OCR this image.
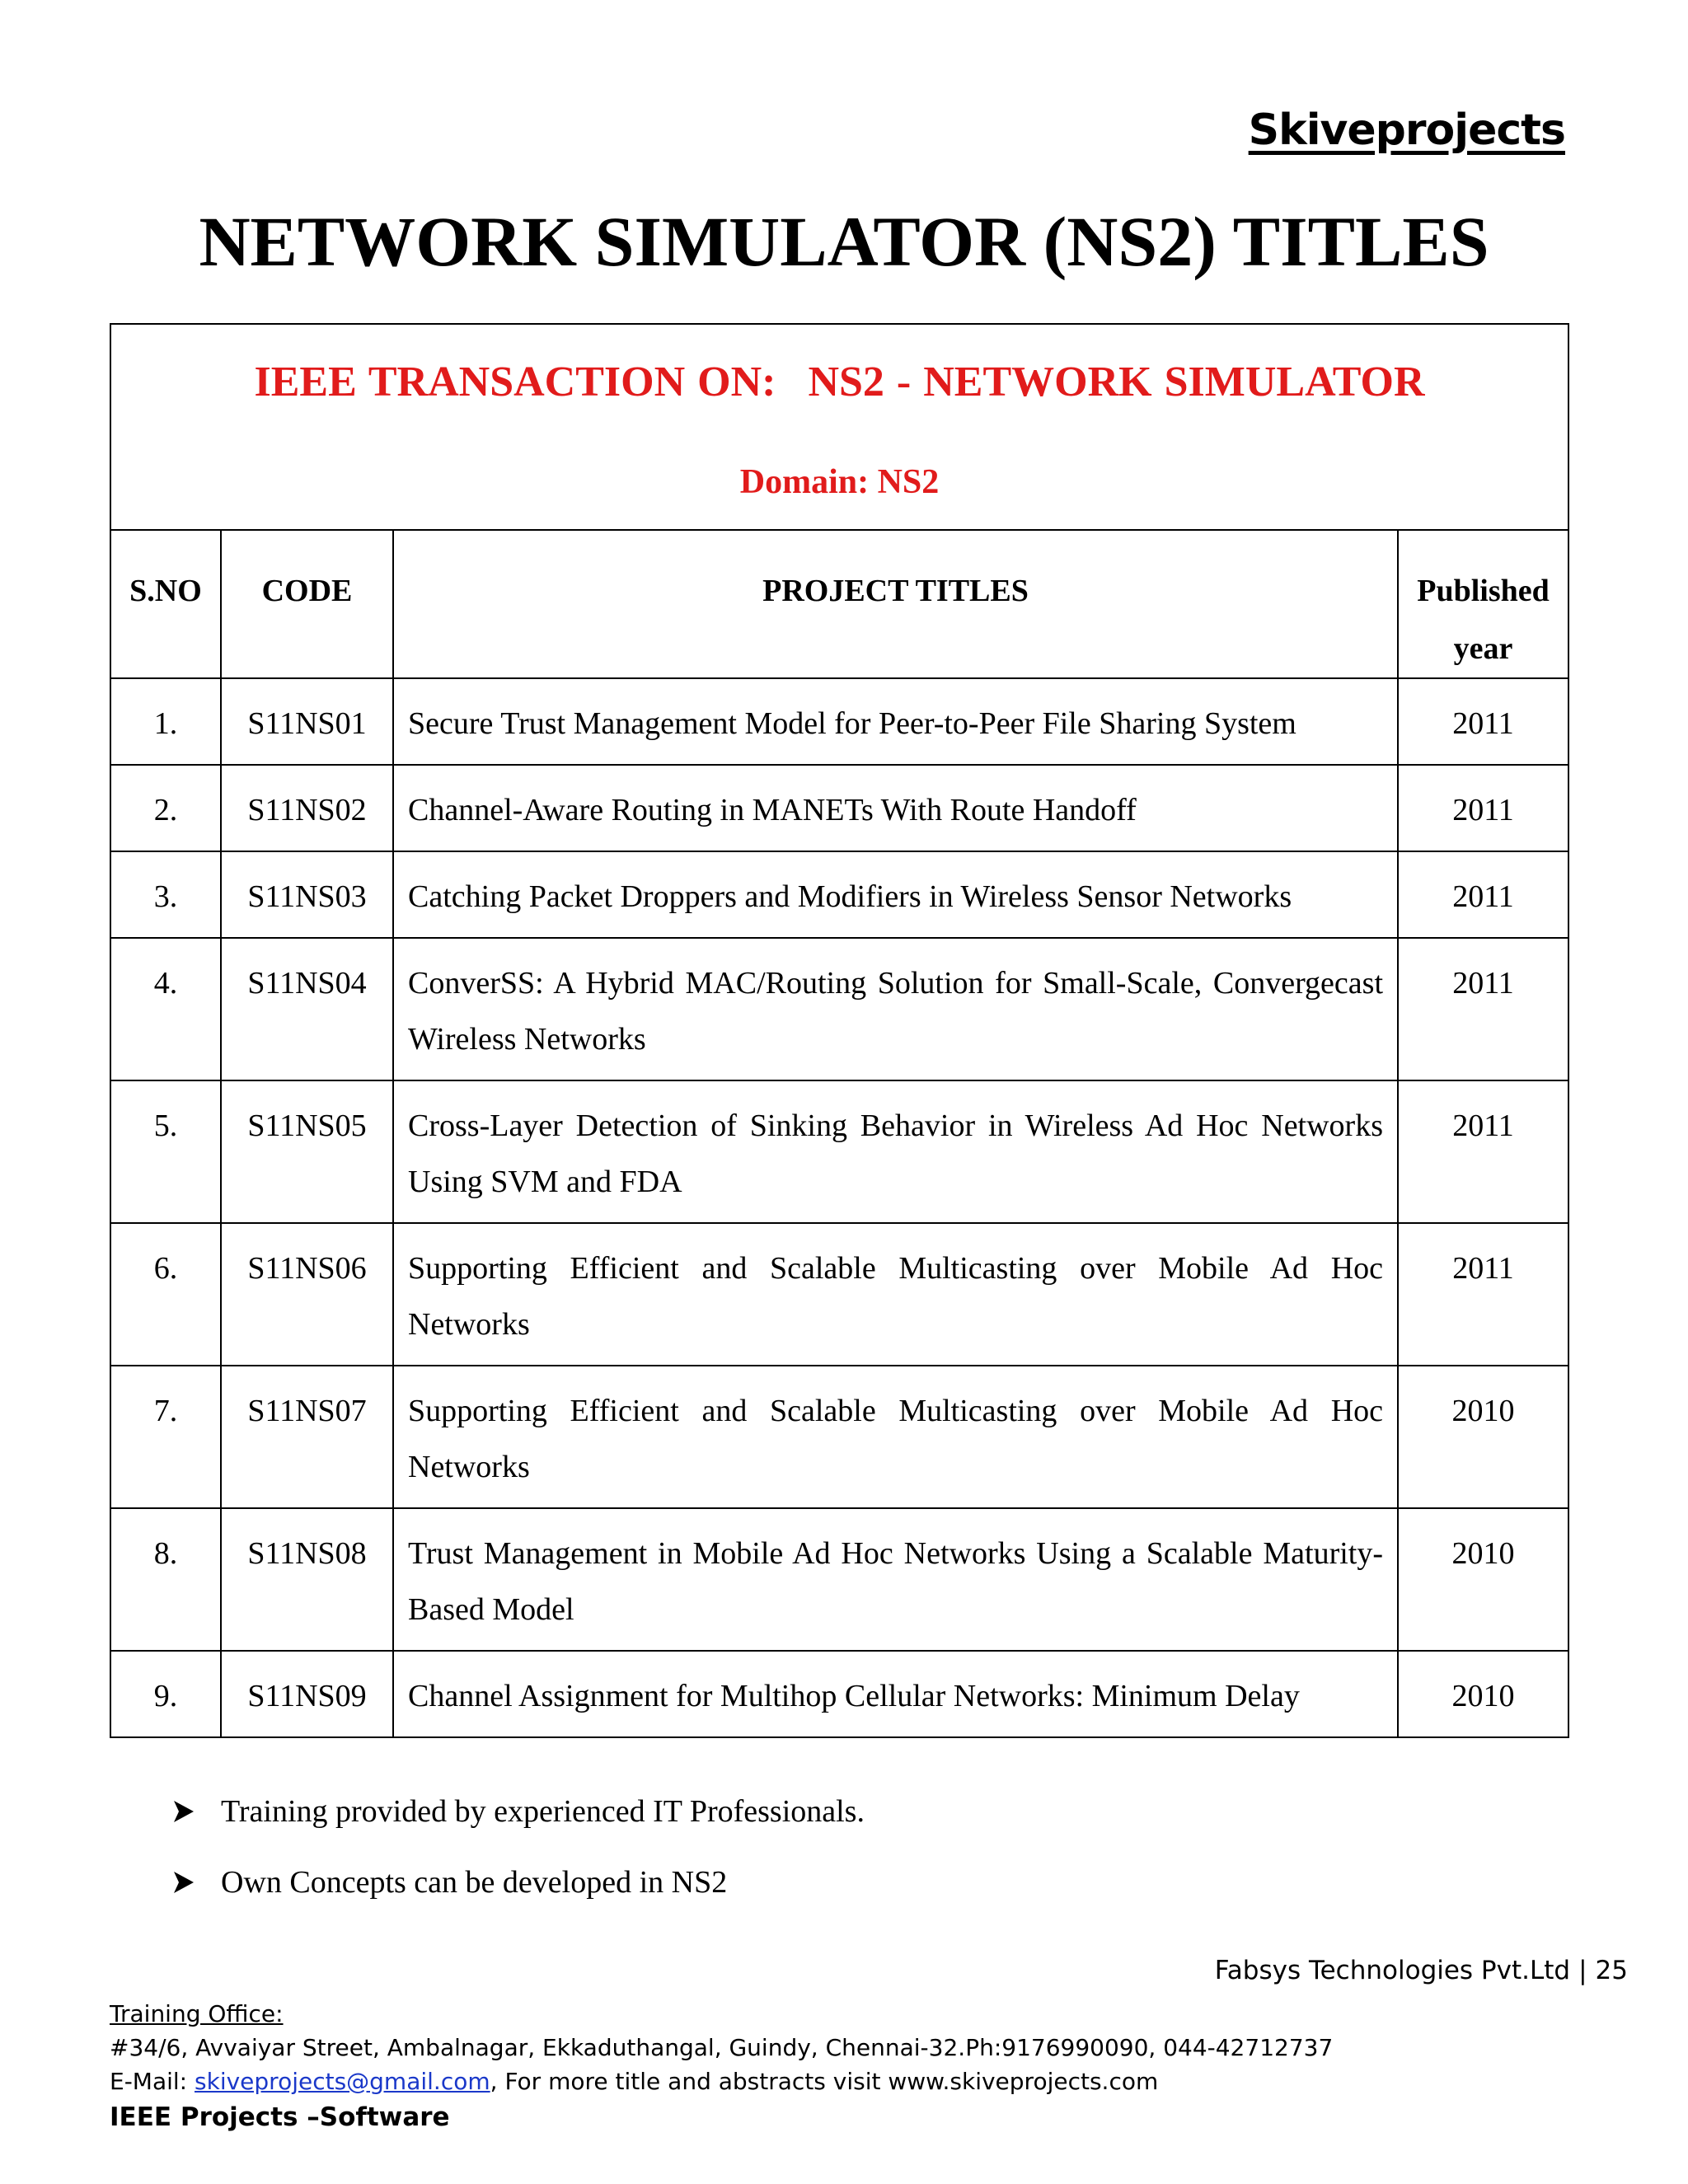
Skiveprojects
NETWORK SIMULATOR (NS2) TITLES
IEEE TRANSACTION ON: NS2 - NETWORK SIMULATOR
Domain: NS2			

S.NO	CODE	PROJECT TITLES	Published
year

1.	S11NS01	Secure Trust Management Model for Peer-to-Peer File Sharing System	2011

2.	S11NS02	Channel-Aware Routing in MANETs With Route Handoff	2011

3.	S11NS03	Catching Packet Droppers and Modifiers in Wireless Sensor Networks	2011

4.	S11NS04	ConverSS: A Hybrid MAC/Routing Solution for Small-Scale, Convergecast Wireless Networks	2011

5.	S11NS05	Cross-Layer Detection of Sinking Behavior in Wireless Ad Hoc Networks Using SVM and FDA	2011

6.	S11NS06	Supporting Efficient and Scalable Multicasting over Mobile Ad Hoc Networks	2011

7.	S11NS07	Supporting Efficient and Scalable Multicasting over Mobile Ad Hoc Networks	2010

8.	S11NS08	Trust Management in Mobile Ad Hoc Networks Using a Scalable Maturity-Based Model	2010

9.	S11NS09	Channel Assignment for Multihop Cellular Networks: Minimum Delay	2010
Training provided by experienced IT Professionals.
Own Concepts can be developed in NS2
Fabsys Technologies Pvt.Ltd | 25
Training Office:
#34/6, Avvaiyar Street, Ambalnagar, Ekkaduthangal, Guindy, Chennai-32.Ph:9176990090, 044-42712737
E-Mail: skiveprojects@gmail.com, For more title and abstracts visit www.skiveprojects.com
IEEE Projects –Software
